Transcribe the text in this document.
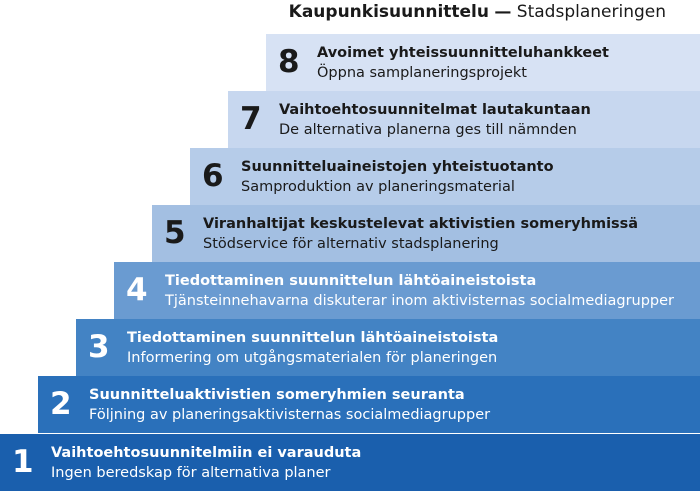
Kaupunkisuunnittelu — Stadsplaneringen
8 Avoimet yhteissuunnitteluhankkeet
Öppna samplaneringsprojekt
7 Vaihtoehtosuunnitelmat lautakuntaan
De alternativa planerna ges till nämnden
6 Suunnitteluaineistojen yhteistuotanto
Samproduktion av planeringsmaterial
5 Viranhaltijat keskustelevat aktivistien someryhmissä
Stödservice för alternativ stadsplanering
4 Tiedottaminen suunnittelun lähtöaineistoista
Tjänsteinnehavarna diskuterar inom aktivisternas socialmediagrupper
3 Tiedottaminen suunnittelun lähtöaineistoista
Informering om utgångsmaterialen för planeringen
2 Suunnitteluaktivistien someryhmien seuranta
Följning av planeringsaktivisternas socialmediagrupper
1 Vaihtoehtosuunnitelmiin ei varauduta
Ingen beredskap för alternativa planer
